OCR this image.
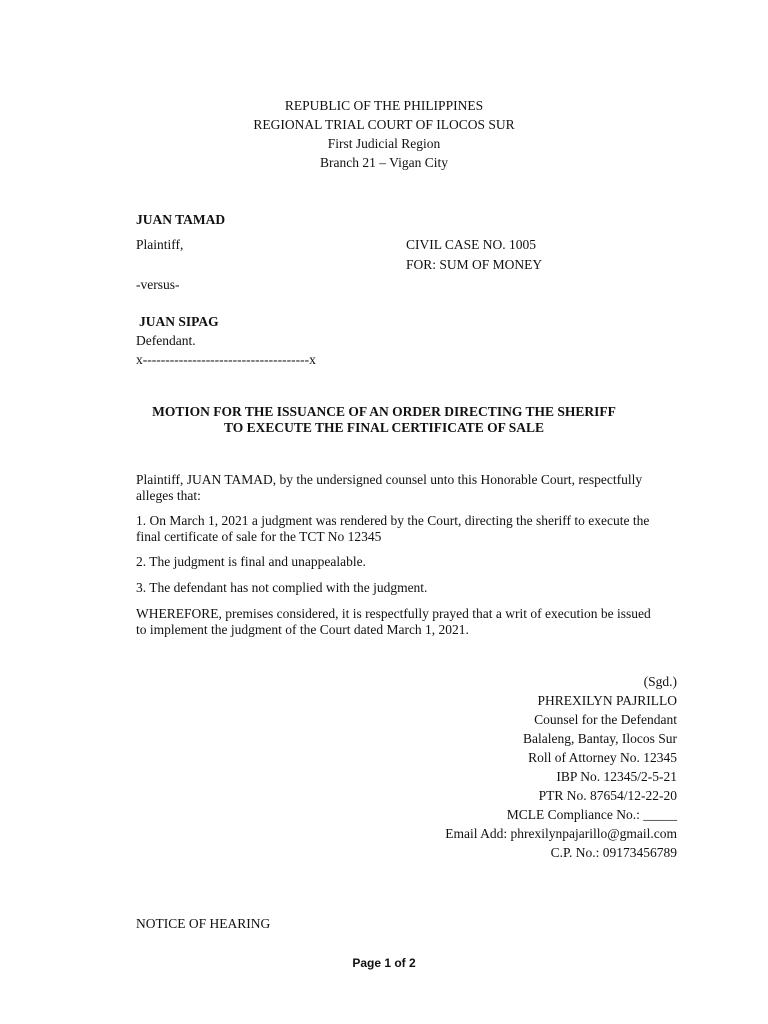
REPUBLIC OF THE PHILIPPINES
REGIONAL TRIAL COURT OF ILOCOS SUR
First Judicial Region
Branch 21 – Vigan City
JUAN TAMAD
Plaintiff,	CIVIL CASE NO. 1005
FOR: SUM OF MONEY
-versus-
JUAN SIPAG
Defendant.
x-------------------------------------x
MOTION FOR THE ISSUANCE OF AN ORDER DIRECTING THE SHERIFF
TO EXECUTE THE FINAL CERTIFICATE OF SALE
Plaintiff, JUAN TAMAD, by the undersigned counsel unto this Honorable Court, respectfully alleges that:
1. On March 1, 2021 a judgment was rendered by the Court, directing the sheriff to execute the final certificate of sale for the TCT No 12345
2. The judgment is final and unappealable.
3. The defendant has not complied with the judgment.
WHEREFORE, premises considered, it is respectfully prayed that a writ of execution be issued to implement the judgment of the Court dated March 1, 2021.
(Sgd.)
PHREXILYN PAJRILLO
Counsel for the Defendant
Balaleng, Bantay, Ilocos Sur
Roll of Attorney No. 12345
IBP No. 12345/2-5-21
PTR No. 87654/12-22-20
MCLE Compliance No.: _____
Email Add: phrexilynpajarillo@gmail.com
C.P. No.: 09173456789
NOTICE OF HEARING
Page 1 of 2
